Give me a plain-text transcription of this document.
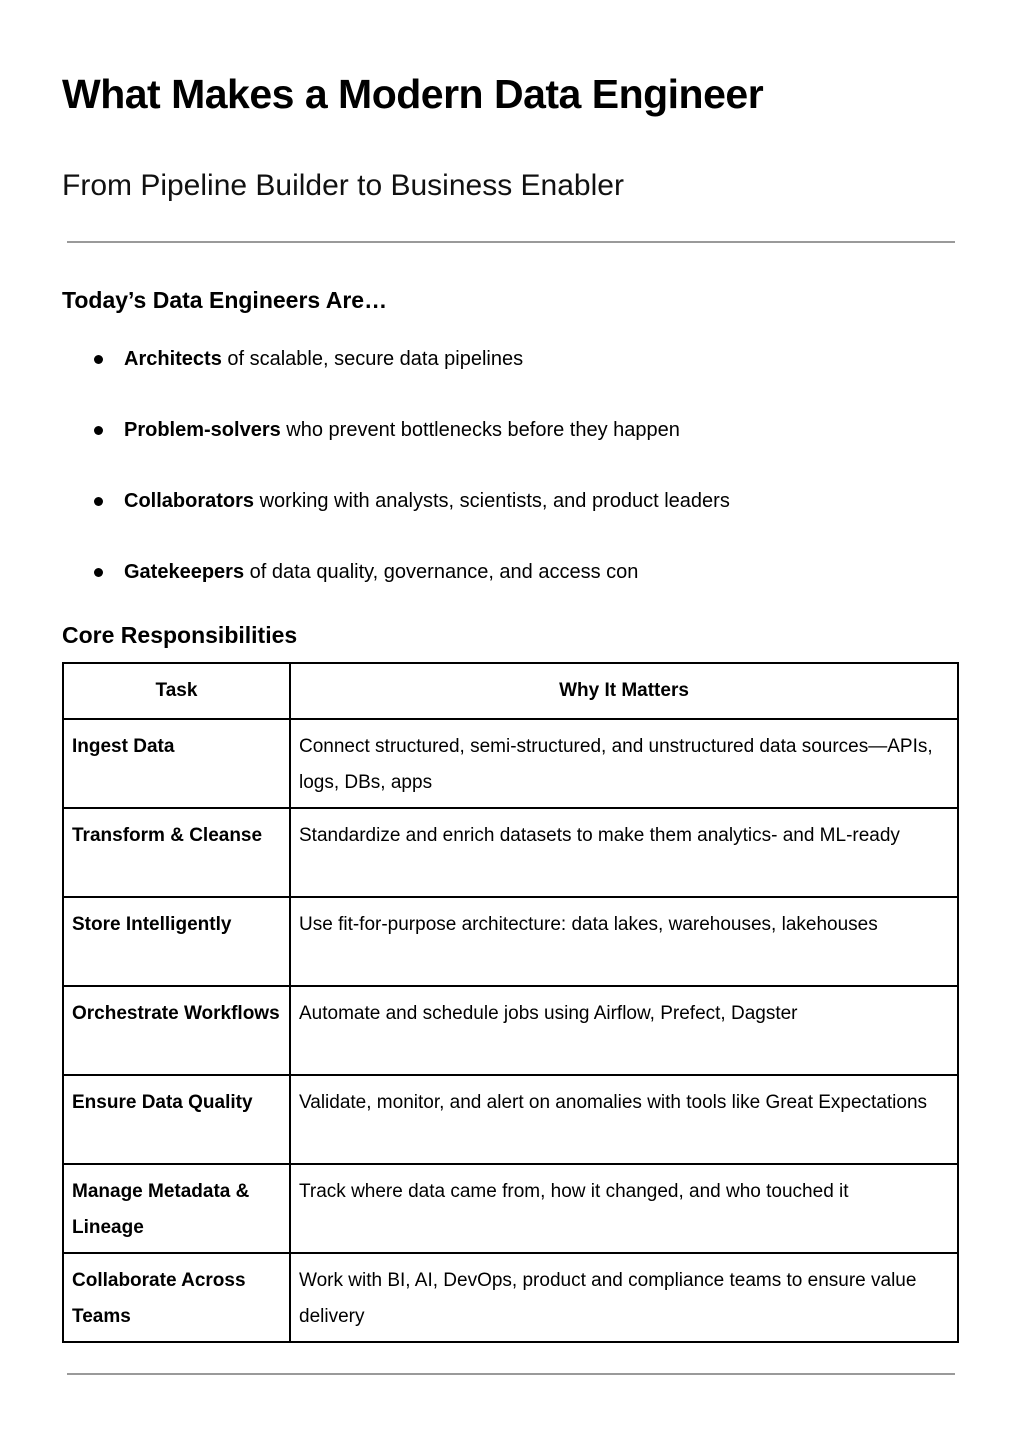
What Makes a Modern Data Engineer
From Pipeline Builder to Business Enabler
Today’s Data Engineers Are…
Architects of scalable, secure data pipelines
Problem-solvers who prevent bottlenecks before they happen
Collaborators working with analysts, scientists, and product leaders
Gatekeepers of data quality, governance, and access con
Core Responsibilities
Task	Why It Matters
Ingest Data	Connect structured, semi-structured, and unstructured data sources—APIs, logs, DBs, apps
Transform & Cleanse	Standardize and enrich datasets to make them analytics- and ML-ready
Store Intelligently	Use fit-for-purpose architecture: data lakes, warehouses, lakehouses
Orchestrate Workflows	Automate and schedule jobs using Airflow, Prefect, Dagster
Ensure Data Quality	Validate, monitor, and alert on anomalies with tools like Great Expectations
Manage Metadata & Lineage	Track where data came from, how it changed, and who touched it
Collaborate Across Teams	Work with BI, AI, DevOps, product and compliance teams to ensure value delivery
